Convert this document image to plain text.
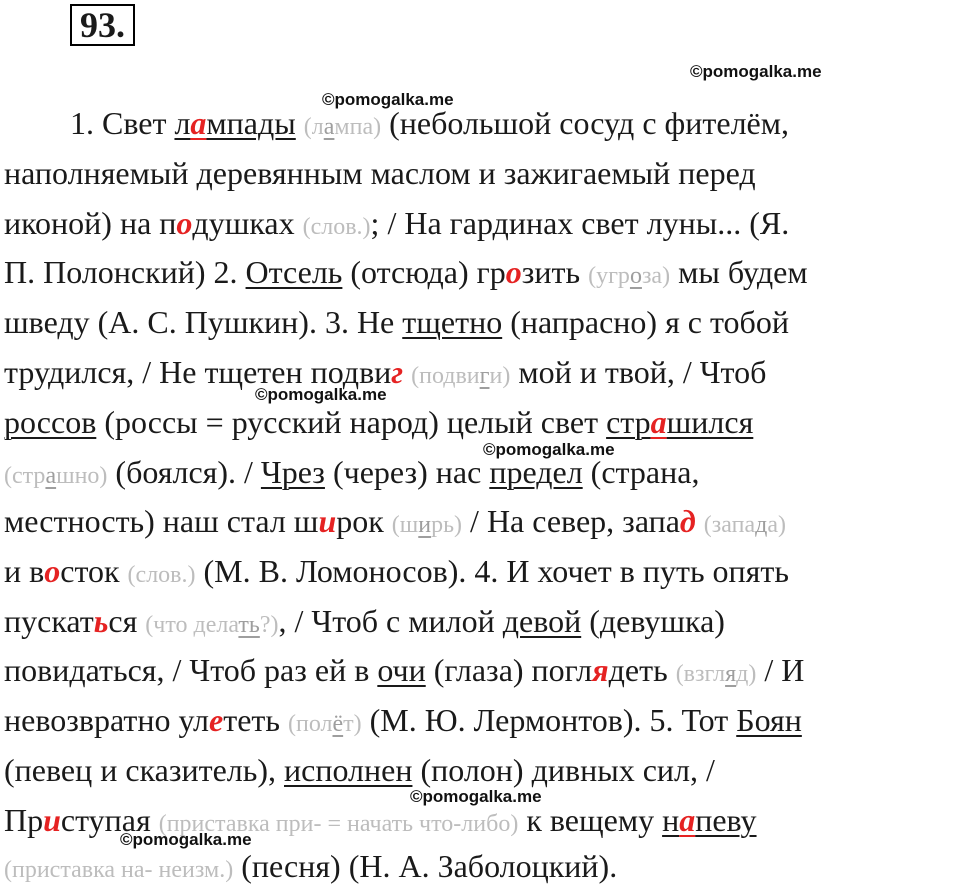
93.
©pomogalka.me
©pomogalka.me
©pomogalka.me
©pomogalka.me
©pomogalka.me
©pomogalka.me
1. Свет лампады (лампа) (небольшой сосуд с фителём,
наполняемый деревянным маслом и зажигаемый перед
иконой) на подушках (слов.); / На гардинах свет луны... (Я.
П. Полонский) 2. Отсель (отсюда) грозить (угроза) мы будем
шведу (А. С. Пушкин). 3. Не тщетно (напрасно) я с тобой
трудился, / Не тщетен подвиг (подвиги) мой и твой, / Чтоб
россов (россы = русский народ) целый свет страшился
(страшно) (боялся). / Чрез (через) нас предел (страна,
местность) наш стал широк (ширь) / На север, запад (запада)
и восток (слов.) (М. В. Ломоносов). 4. И хочет в путь опять
пускаться (что делать?), / Чтоб с милой девой (девушка)
повидаться, / Чтоб раз ей в очи (глаза) поглядеть (взгляд) / И
невозвратно улететь (полёт) (М. Ю. Лермонтов). 5. Тот Боян
(певец и сказитель), исполнен (полон) дивных сил, /
Приступая (приставка при- = начать что-либо) к вещему напеву
(приставка на- неизм.) (песня) (Н. А. Заболоцкий).
